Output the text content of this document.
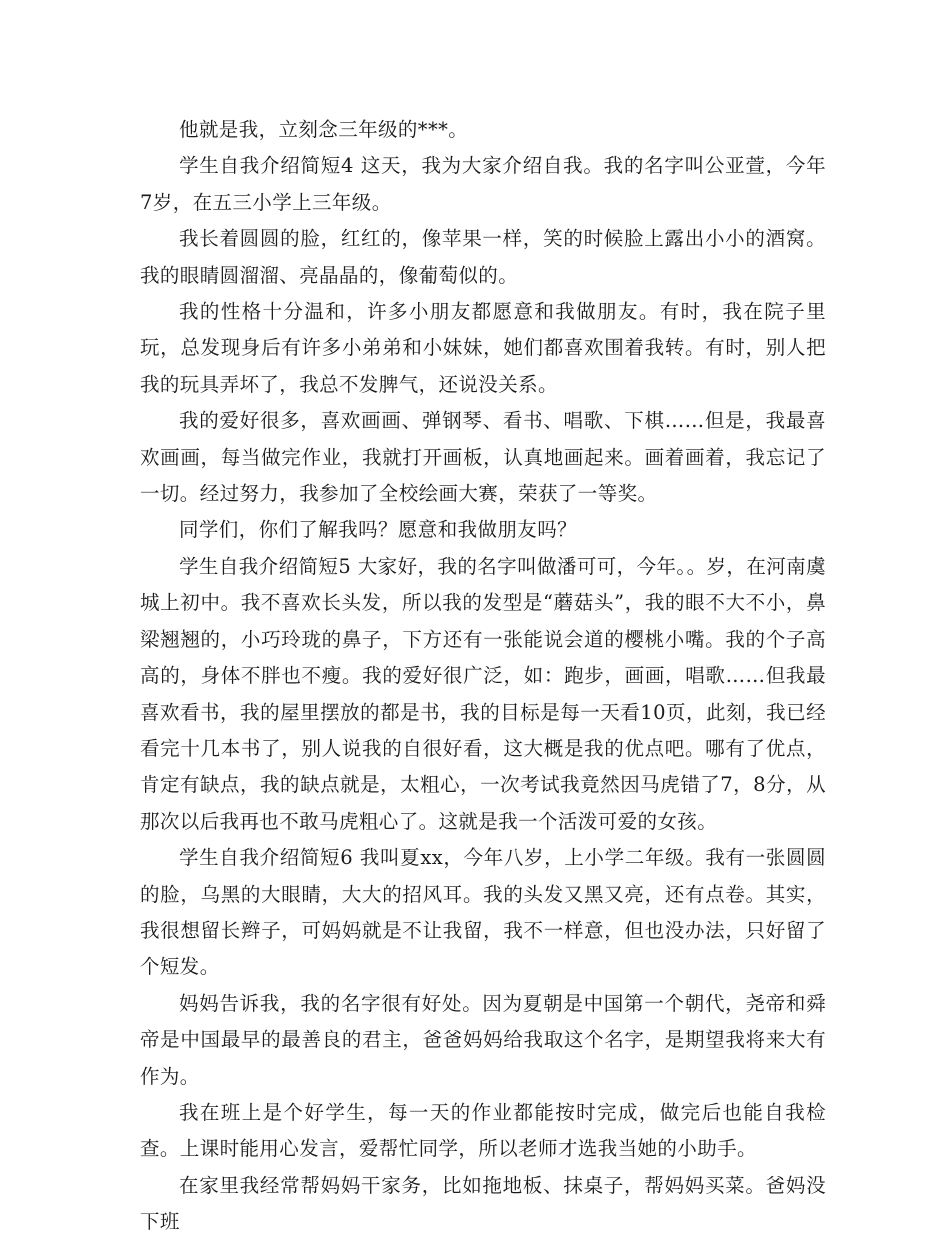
他就是我，立刻念三年级的***。

学生自我介绍简短4 这天，我为大家介绍自我。我的名字叫公亚萱，今年7岁，在五三小学上三年级。

我长着圆圆的脸，红红的，像苹果一样，笑的时候脸上露出小小的酒窝。我的眼睛圆溜溜、亮晶晶的，像葡萄似的。

我的性格十分温和，许多小朋友都愿意和我做朋友。有时，我在院子里玩，总发现身后有许多小弟弟和小妹妹，她们都喜欢围着我转。有时，别人把我的玩具弄坏了，我总不发脾气，还说没关系。

我的爱好很多，喜欢画画、弹钢琴、看书、唱歌、下棋……但是，我最喜欢画画，每当做完作业，我就打开画板，认真地画起来。画着画着，我忘记了一切。经过努力，我参加了全校绘画大赛，荣获了一等奖。

同学们，你们了解我吗？愿意和我做朋友吗？

学生自我介绍简短5 大家好，我的名字叫做潘可可，今年。。岁，在河南虞城上初中。我不喜欢长头发，所以我的发型是“蘑菇头”，我的眼不大不小，鼻梁翘翘的，小巧玲珑的鼻子，下方还有一张能说会道的樱桃小嘴。我的个子高高的，身体不胖也不瘦。我的爱好很广泛，如：跑步，画画，唱歌……但我最喜欢看书，我的屋里摆放的都是书，我的目标是每一天看10页，此刻，我已经看完十几本书了，别人说我的自很好看，这大概是我的优点吧。哪有了优点，肯定有缺点，我的缺点就是，太粗心，一次考试我竟然因马虎错了7，8分，从那次以后我再也不敢马虎粗心了。这就是我一个活泼可爱的女孩。

学生自我介绍简短6 我叫夏xx，今年八岁，上小学二年级。我有一张圆圆的脸，乌黑的大眼睛，大大的招风耳。我的头发又黑又亮，还有点卷。其实，我很想留长辫子，可妈妈就是不让我留，我不一样意，但也没办法，只好留了个短发。

妈妈告诉我，我的名字很有好处。因为夏朝是中国第一个朝代，尧帝和舜帝是中国最早的最善良的君主，爸爸妈妈给我取这个名字，是期望我将来大有作为。

我在班上是个好学生，每一天的作业都能按时完成，做完后也能自我检查。上课时能用心发言，爱帮忙同学，所以老师才选我当她的小助手。

在家里我经常帮妈妈干家务，比如拖地板、抹桌子，帮妈妈买菜。爸妈没下班
